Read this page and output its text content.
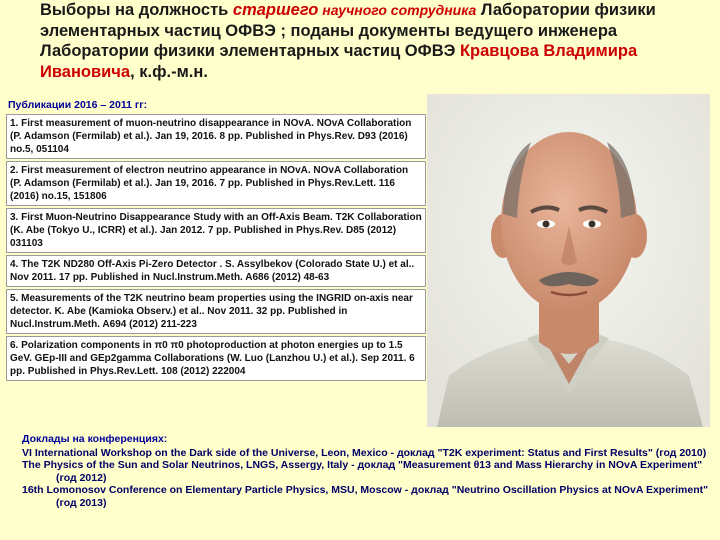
Выборы на должность старшего научного сотрудника Лаборатории физики элементарных частиц ОФВЭ ; поданы документы ведущего инженера Лаборатории физики элементарных частиц ОФВЭ Кравцова Владимира Ивановича, к.ф.-м.н.
Публикации 2016 – 2011 гг:
1. First measurement of muon-neutrino disappearance in NOvA. NOvA Collaboration (P. Adamson (Fermilab) et al.). Jan 19, 2016. 8 pp. Published in Phys.Rev. D93 (2016) no.5, 051104
2. First measurement of electron neutrino appearance in NOvA. NOvA Collaboration (P. Adamson (Fermilab) et al.). Jan 19, 2016. 7 pp. Published in Phys.Rev.Lett. 116 (2016) no.15, 151806
3. First Muon-Neutrino Disappearance Study with an Off-Axis Beam. T2K Collaboration (K. Abe (Tokyo U., ICRR) et al.). Jan 2012. 7 pp. Published in Phys.Rev. D85 (2012) 031103
4. The T2K ND280 Off-Axis Pi-Zero Detector . S. Assylbekov (Colorado State U.) et al.. Nov 2011. 17 pp. Published in Nucl.Instrum.Meth. A686 (2012) 48-63
5. Measurements of the T2K neutrino beam properties using the INGRID on-axis near detector. K. Abe (Kamioka Observ.) et al.. Nov 2011. 32 pp. Published in Nucl.Instrum.Meth. A694 (2012) 211-223
6. Polarization components in π0 π0 photoproduction at photon energies up to 1.5 GeV. GEp-III and GEp2gamma Collaborations (W. Luo (Lanzhou U.) et al.). Sep 2011. 6 pp. Published in Phys.Rev.Lett. 108 (2012) 222004
Доклады на конференциях:
VI International Workshop on the Dark side of the Universe, Leon, Mexico - доклад "T2K experiment: Status and First Results" (год 2010)
The Physics of the Sun and Solar Neutrinos, LNGS, Assergy, Italy - доклад "Measurement θ13 and Mass Hierarchy in NOvA Experiment" (год 2012)
16th Lomonosov Conference on Elementary Particle Physics, MSU, Moscow - доклад "Neutrino Oscillation Physics at NOvA Experiment" (год 2013)
